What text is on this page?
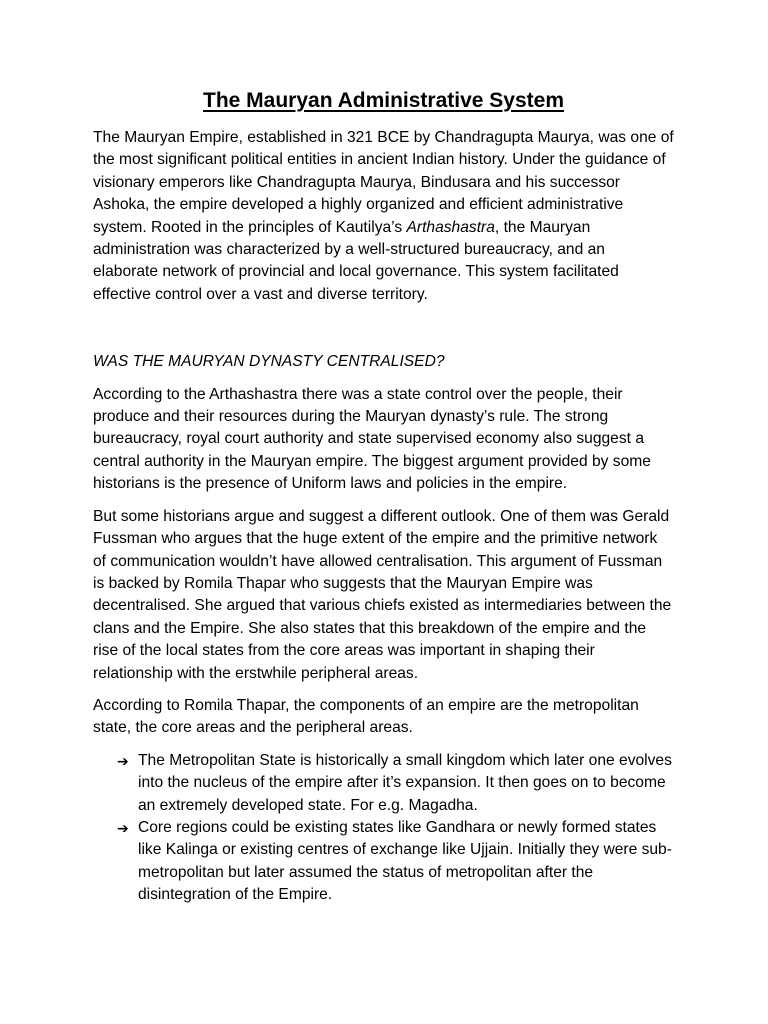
The Mauryan Administrative System

The Mauryan Empire, established in 321 BCE by Chandragupta Maurya, was one of the most significant political entities in ancient Indian history. Under the guidance of visionary emperors like Chandragupta Maurya, Bindusara and his successor Ashoka, the empire developed a highly organized and efficient administrative system. Rooted in the principles of Kautilya’s Arthashastra, the Mauryan administration was characterized by a well-structured bureaucracy, and an elaborate network of provincial and local governance. This system facilitated effective control over a vast and diverse territory.

WAS THE MAURYAN DYNASTY CENTRALISED?

According to the Arthashastra there was a state control over the people, their produce and their resources during the Mauryan dynasty’s rule. The strong bureaucracy, royal court authority and state supervised economy also suggest a central authority in the Mauryan empire. The biggest argument provided by some historians is the presence of Uniform laws and policies in the empire.

But some historians argue and suggest a different outlook. One of them was Gerald Fussman who argues that the huge extent of the empire and the primitive network of communication wouldn’t have allowed centralisation. This argument of Fussman is backed by Romila Thapar who suggests that the Mauryan Empire was decentralised. She argued that various chiefs existed as intermediaries between the clans and the Empire. She also states that this breakdown of the empire and the rise of the local states from the core areas was important in shaping their relationship with the erstwhile peripheral areas.

According to Romila Thapar, the components of an empire are the metropolitan state, the core areas and the peripheral areas.

➔ The Metropolitan State is historically a small kingdom which later one evolves into the nucleus of the empire after it’s expansion. It then goes on to become an extremely developed state. For e.g. Magadha.
➔ Core regions could be existing states like Gandhara or newly formed states like Kalinga or existing centres of exchange like Ujjain. Initially they were sub-metropolitan but later assumed the status of metropolitan after the disintegration of the Empire.
